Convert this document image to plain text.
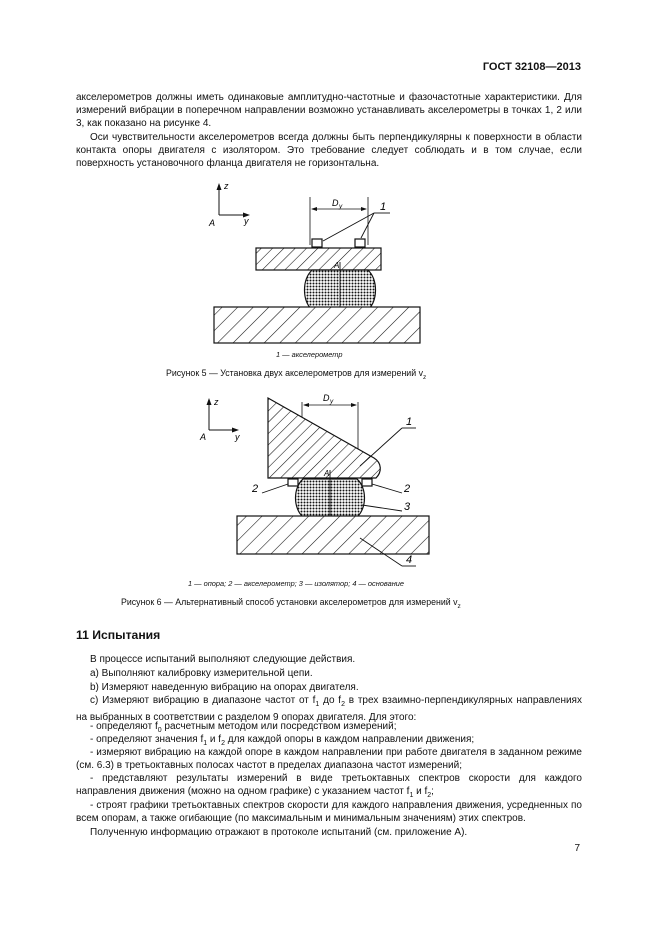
ГОСТ 32108—2013
акселерометров должны иметь одинаковые амплитудно-частотные и фазочастотные характеристики. Для измерений вибрации в поперечном направлении возможно устанавливать акселерометры в точках 1, 2 или 3, как показано на рисунке 4.
Оси чувствительности акселерометров всегда должны быть перпендикулярны к поверхности в области контакта опоры двигателя с изолятором. Это требование следует соблюдать и в том случае, если поверхность установочного фланца двигателя не горизонтальна.
z
y
A
D y
A
1
1 — акселерометр
Рисунок 5 — Установка двух акселерометров для измерений $v_z$
z
y
A
D y
A
1
2	2
3
4
1 — опора; 2 — акселерометр; 3 — изолятор; 4 — основание
Рисунок 6 — Альтернативный способ установки акселерометров для измерений $v_z$
11 Испытания
В процессе испытаний выполняют следующие действия.
a) Выполняют калибровку измерительной цепи.
b) Измеряют наведенную вибрацию на опорах двигателя.
c) Измеряют вибрацию в диапазоне частот от $f_1$ до $f_2$ в трех взаимно-перпендикулярных направлениях на выбранных в соответствии с разделом 9 опорах двигателя. Для этого:
- определяют $f_0$ расчетным методом или посредством измерений;
- определяют значения $f_1$ и $f_2$ для каждой опоры в каждом направлении движения;
- измеряют вибрацию на каждой опоре в каждом направлении при работе двигателя в заданном режиме (см. 6.3) в третьоктавных полосах частот в пределах диапазона частот измерений;
- представляют результаты измерений в виде третьоктавных спектров скорости для каждого направления движения (можно на одном графике) с указанием частот $f_1$ и $f_2$;
- строят графики третьоктавных спектров скорости для каждого направления движения, усредненных по всем опорам, а также огибающие (по максимальным и минимальным значениям) этих спектров.
Полученную информацию отражают в протоколе испытаний (см. приложение А).
7
